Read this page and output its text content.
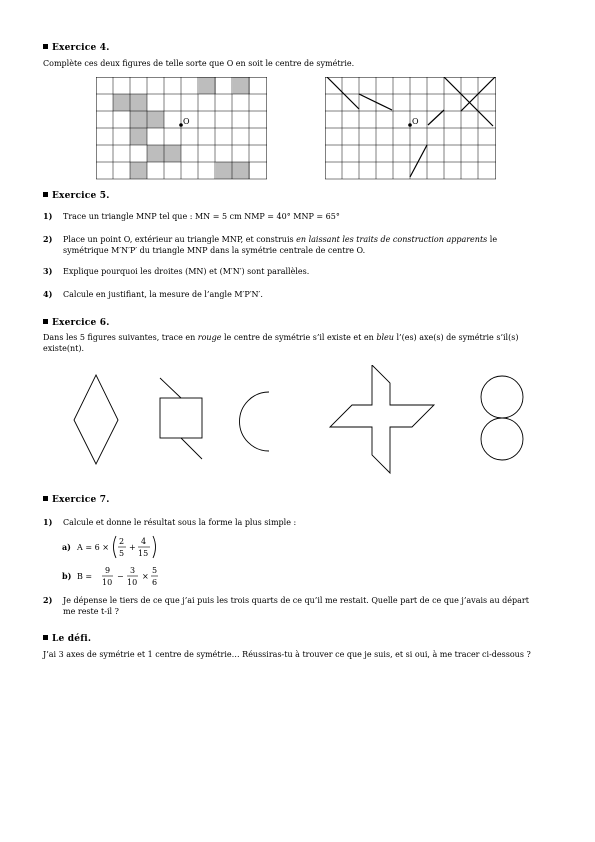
Exercice 4.
Complète ces deux figures de telle sorte que O en soit le centre de symétrie.
O	O
Exercice 5.
1) Trace un triangle MNP tel que : MN = 5 cm NMP = 40° MNP = 65°
2) Place un point O, extérieur au triangle MNP, et construis en laissant les traits de construction apparents le
symétrique M′N′P′ du triangle MNP dans la symétrie centrale de centre O.
3) Explique pourquoi les droites (MN) et (M′N′) sont parallèles.
4) Calcule en justifiant, la mesure de l’angle M′P′N′.
Exercice 6.
Dans les 5 figures suivantes, trace en rouge le centre de symétrie s’il existe et en bleu l’(es) axe(s) de symétrie s’il(s)
existe(nt).
Exercice 7.
1) Calcule et donne le résultat sous la forme la plus simple :
a) A = 6 ×
2
5
+
4
15
b) B =
9
10
−
3
10
×
5
6
2) Je dépense le tiers de ce que j’ai puis les trois quarts de ce qu’il me restait. Quelle part de ce que j’avais au départ
me reste t-il ?
Le défi.
J’ai 3 axes de symétrie et 1 centre de symétrie… Réussiras-tu à trouver ce que je suis, et si oui, à me tracer ci-dessous ?
